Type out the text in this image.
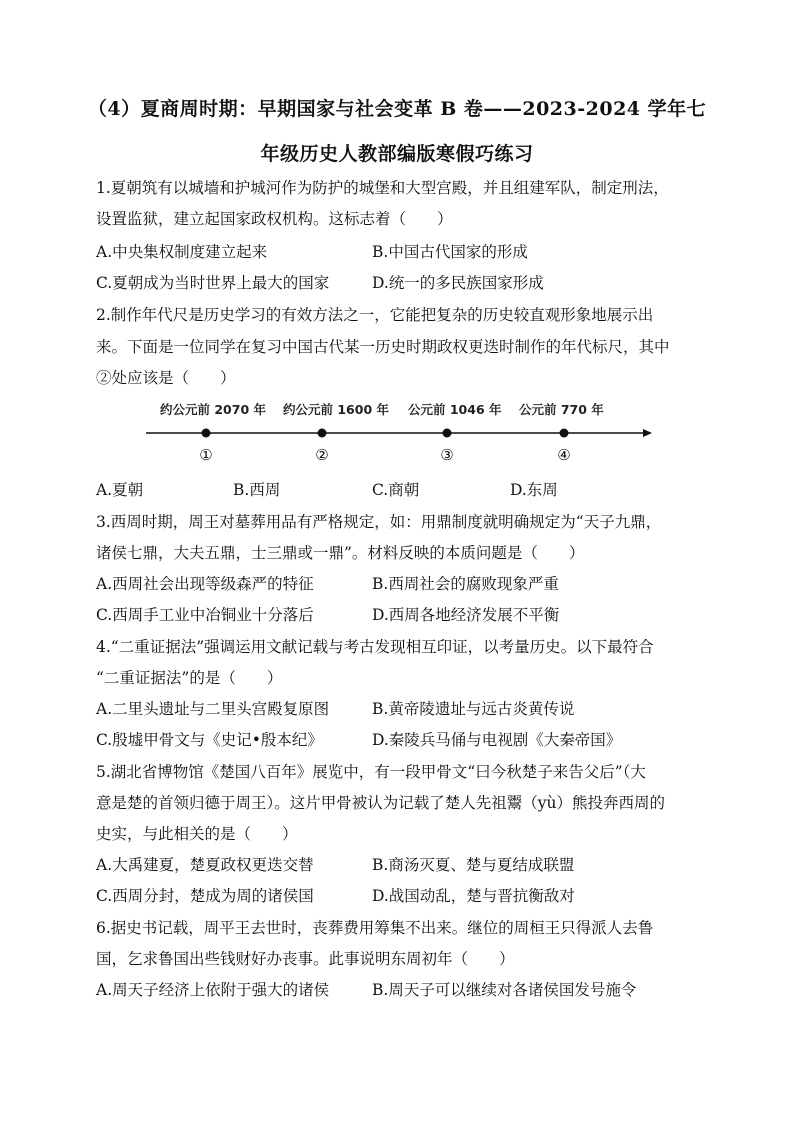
（4）夏商周时期：早期国家与社会变革 B 卷——2023-2024 学年七
年级历史人教部编版寒假巧练习
1.夏朝筑有以城墙和护城河作为防护的城堡和大型宫殿，并且组建军队，制定刑法，
设置监狱，建立起国家政权机构。这标志着（　　）
A.中央集权制度建立起来	B.中国古代国家的形成
C.夏朝成为当时世界上最大的国家	D.统一的多民族国家形成
2.制作年代尺是历史学习的有效方法之一，它能把复杂的历史较直观形象地展示出
来。下面是一位同学在复习中国古代某一历史时期政权更迭时制作的年代标尺，其中
②处应该是（　　）
约公元前 2070 年 约公元前 1600 年 公元前 1046 年 公元前 770 年
①	②	③	④
A.夏朝	B.西周	C.商朝	D.东周
3.西周时期，周王对墓葬用品有严格规定，如：用鼎制度就明确规定为“天子九鼎，
诸侯七鼎，大夫五鼎，士三鼎或一鼎”。材料反映的本质问题是（　　）
A.西周社会出现等级森严的特征	B.西周社会的腐败现象严重
C.西周手工业中冶铜业十分落后	D.西周各地经济发展不平衡
4.“二重证据法”强调运用文献记载与考古发现相互印证，以考量历史。以下最符合
“二重证据法”的是（　　）
A.二里头遗址与二里头宫殿复原图	B.黄帝陵遗址与远古炎黄传说
C.殷墟甲骨文与《史记•殷本纪》	D.秦陵兵马俑与电视剧《大秦帝国》
5.湖北省博物馆《楚国八百年》展览中，有一段甲骨文“曰今秋楚子来告父后”（大
意是楚的首领归德于周王）。这片甲骨被认为记载了楚人先祖鬻（yù）熊投奔西周的
史实，与此相关的是（　　）
A.大禹建夏，楚夏政权更迭交替	B.商汤灭夏、楚与夏结成联盟
C.西周分封，楚成为周的诸侯国	D.战国动乱，楚与晋抗衡敌对
6.据史书记载，周平王去世时，丧葬费用筹集不出来。继位的周桓王只得派人去鲁
国，乞求鲁国出些钱财好办丧事。此事说明东周初年（　　）
A.周天子经济上依附于强大的诸侯	B.周天子可以继续对各诸侯国发号施令
